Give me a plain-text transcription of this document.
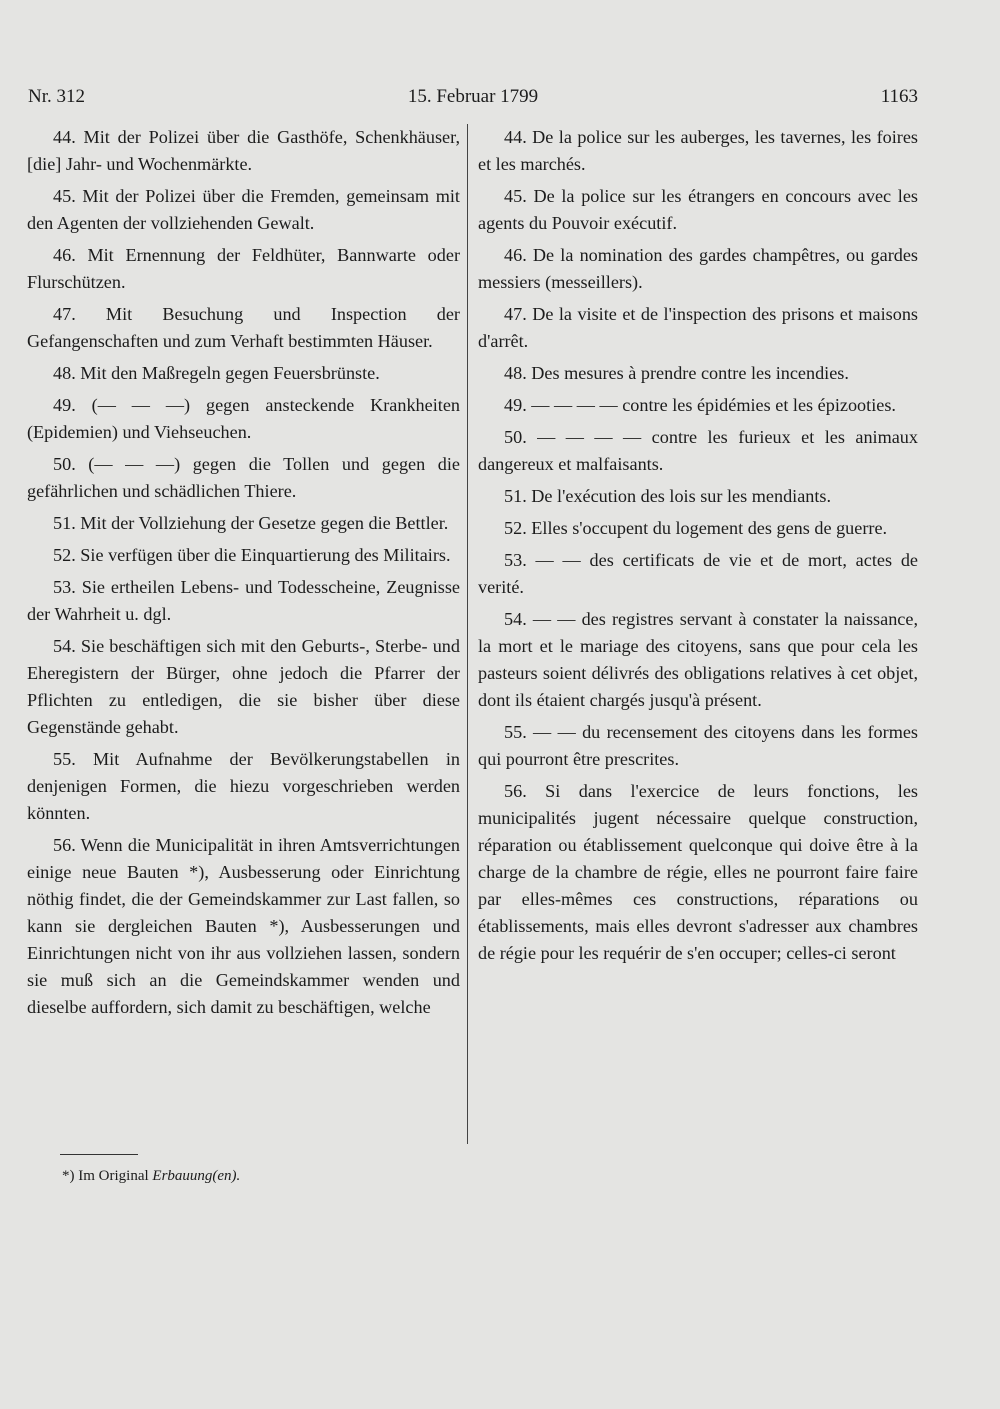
Nr. 312	15. Februar 1799	1163

44. Mit der Polizei über die Gasthöfe, Schenkhäuser, [die] Jahr- und Wochenmärkte.

45. Mit der Polizei über die Fremden, gemeinsam mit den Agenten der vollziehenden Gewalt.

46. Mit Ernennung der Feldhüter, Bannwarte oder Flurschützen.

47. Mit Besuchung und Inspection der Gefangenschaften und zum Verhaft bestimmten Häuser.

48. Mit den Maßregeln gegen Feuersbrünste.

49. (— — —) gegen ansteckende Krankheiten (Epidemien) und Viehseuchen.

50. (— — —) gegen die Tollen und gegen die gefährlichen und schädlichen Thiere.

51. Mit der Vollziehung der Gesetze gegen die Bettler.

52. Sie verfügen über die Einquartierung des Militairs.

53. Sie ertheilen Lebens- und Todesscheine, Zeugnisse der Wahrheit u. dgl.

54. Sie beschäftigen sich mit den Geburts-, Sterbe- und Eheregistern der Bürger, ohne jedoch die Pfarrer der Pflichten zu entledigen, die sie bisher über diese Gegenstände gehabt.

55. Mit Aufnahme der Bevölkerungstabellen in denjenigen Formen, die hiezu vorgeschrieben werden könnten.

56. Wenn die Municipalität in ihren Amtsverrichtungen einige neue Bauten *), Ausbesserung oder Einrichtung nöthig findet, die der Gemeindskammer zur Last fallen, so kann sie dergleichen Bauten *), Ausbesserungen und Einrichtungen nicht von ihr aus vollziehen lassen, sondern sie muß sich an die Gemeindskammer wenden und dieselbe auffordern, sich damit zu beschäftigen, welche

44. De la police sur les auberges, les tavernes, les foires et les marchés.

45. De la police sur les étrangers en concours avec les agents du Pouvoir exécutif.

46. De la nomination des gardes champêtres, ou gardes messiers (messeillers).

47. De la visite et de l'inspection des prisons et maisons d'arrêt.

48. Des mesures à prendre contre les incendies.

49. — — — — contre les épidémies et les épizooties.

50. — — — — contre les furieux et les animaux dangereux et malfaisants.

51. De l'exécution des lois sur les mendiants.

52. Elles s'occupent du logement des gens de guerre.

53. — — des certificats de vie et de mort, actes de verité.

54. — — des registres servant à constater la naissance, la mort et le mariage des citoyens, sans que pour cela les pasteurs soient délivrés des obligations relatives à cet objet, dont ils étaient chargés jusqu'à présent.

55. — — du recensement des citoyens dans les formes qui pourront être prescrites.

56. Si dans l'exercice de leurs fonctions, les municipalités jugent nécessaire quelque construction, réparation ou établissement quelconque qui doive être à la charge de la chambre de régie, elles ne pourront faire faire par elles-mêmes ces constructions, réparations ou établissements, mais elles devront s'adresser aux chambres de régie pour les requérir de s'en occuper; celles-ci seront

*) Im Original Erbauung(en).
